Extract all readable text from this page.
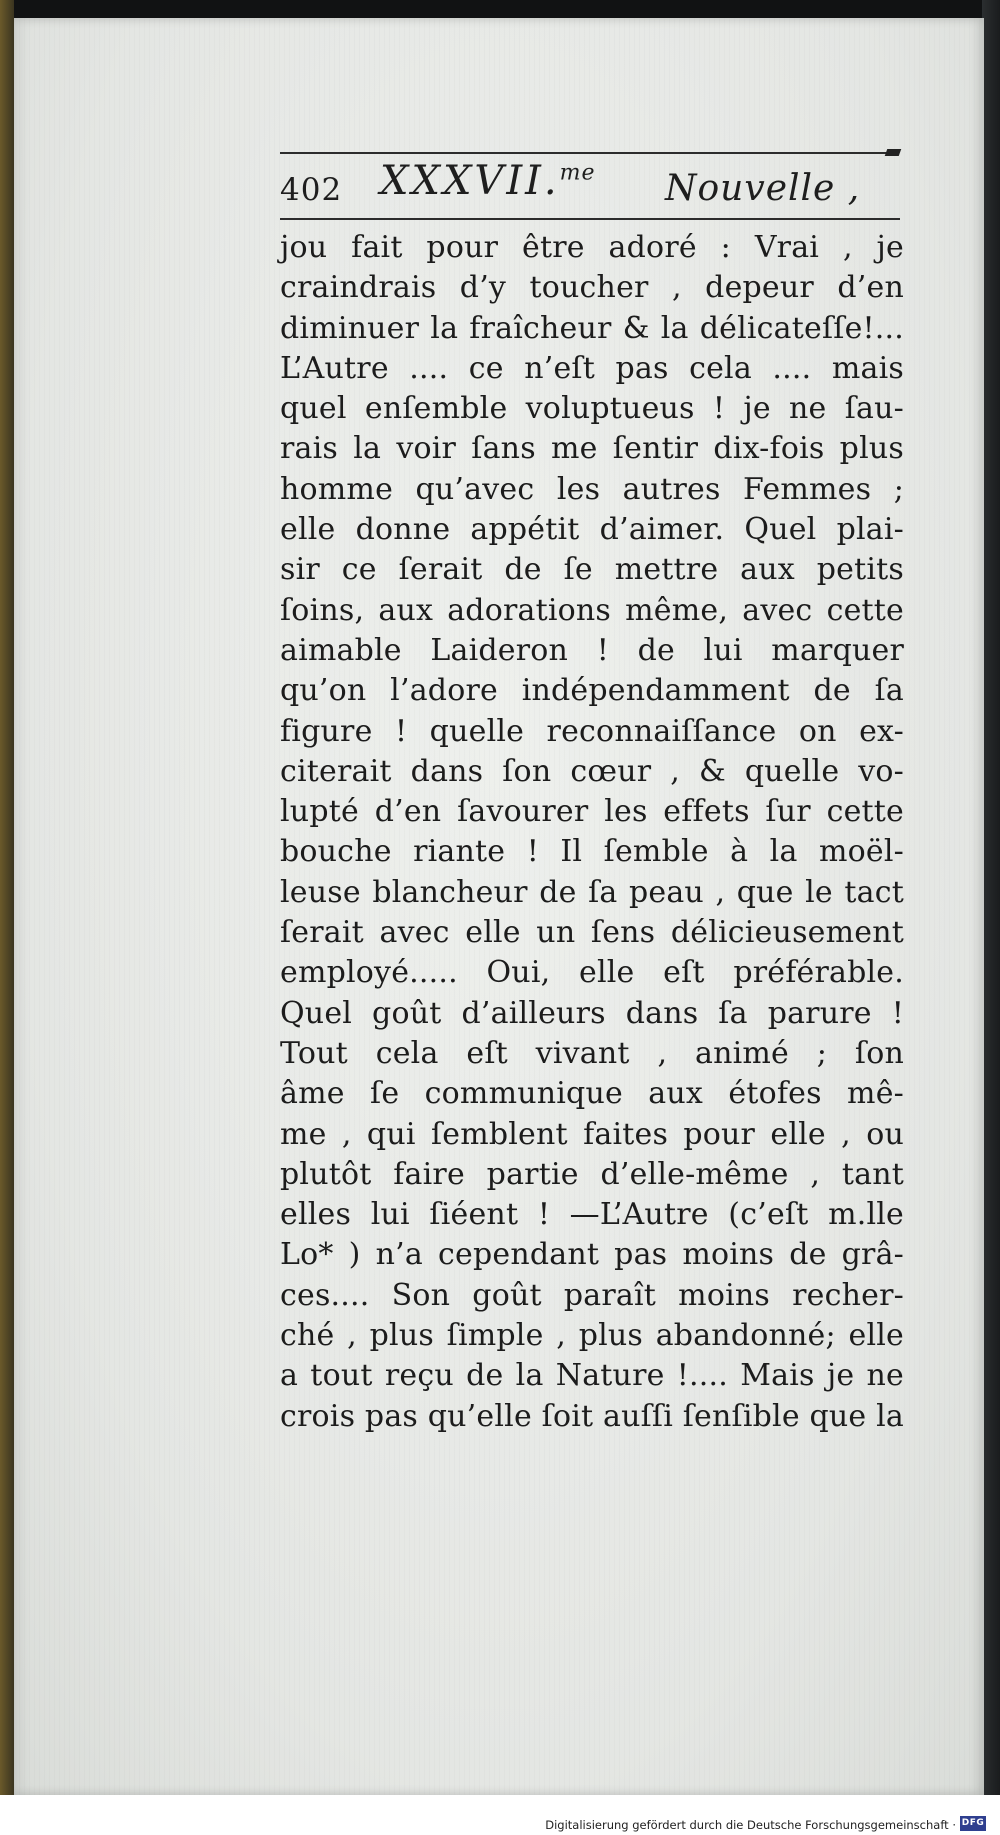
402 XXXVII.$^{me}$ Nouvelle ,
jou fait pour être adoré : Vrai , je
craindrais d’y toucher , depeur d’en
diminuer la fraîcheur & la délicateſſe!...
L’Autre .... ce n’eſt pas cela .... mais
quel enſemble voluptueus ! je ne ſau-
rais la voir ſans me ſentir dix-fois plus
homme qu’avec les autres Femmes ;
elle donne appétit d’aimer. Quel plai-
sir ce ſerait de ſe mettre aux petits
ſoins, aux adorations même, avec cette
aimable Laideron ! de lui marquer
qu’on l’adore indépendamment de ſa
figure ! quelle reconnaiſſance on ex-
citerait dans ſon cœur , & quelle vo-
lupté d’en ſavourer les effets ſur cette
bouche riante ! Il ſemble à la moël-
leuse blancheur de ſa peau , que le tact
ſerait avec elle un ſens délicieusement
employé..... Oui, elle eſt préférable.
Quel goût d’ailleurs dans ſa parure !
Tout cela eſt vivant , animé ; ſon
âme ſe communique aux étofes mê-
me , qui ſemblent faites pour elle , ou
plutôt faire partie d’elle-même , tant
elles lui ſiéent ! —L’Autre (c’eſt m.lle
Lo* ) n’a cependant pas moins de grâ-
ces.... Son goût paraît moins recher-
ché , plus ſimple , plus abandonné; elle
a tout reçu de la Nature !.... Mais je ne
crois pas qu’elle ſoit auſſi ſenſible que la
Digitalisierung gefördert durch die Deutsche Forschungsgemeinschaft · DFG
